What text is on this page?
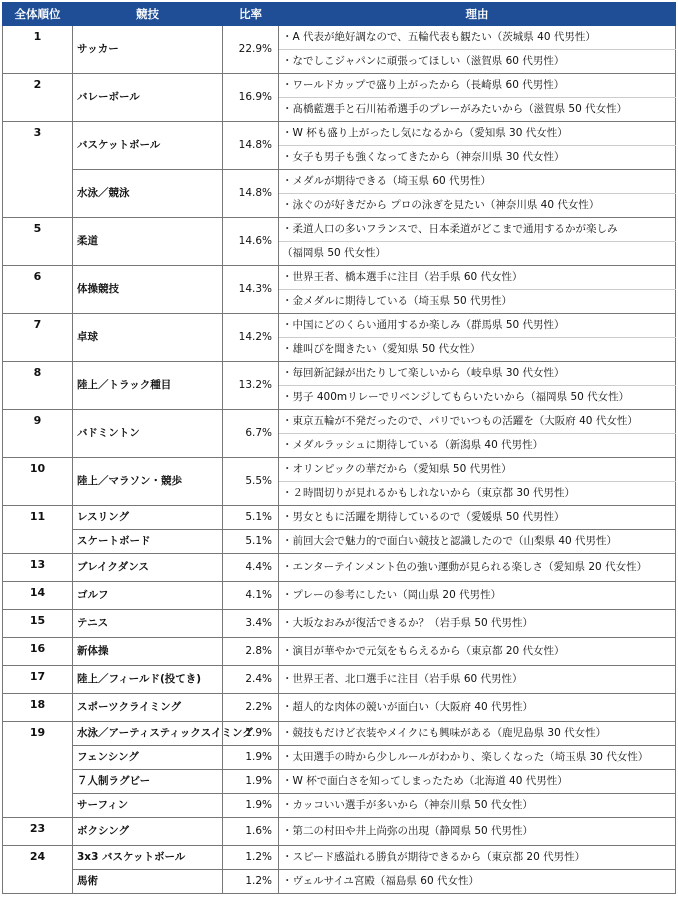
全体順位	競技	比率	理由
1	サッカー	22.9%	・A 代表が絶好調なので、五輪代表も観たい（茨城県 40 代男性）
			・なでしこジャパンに頑張ってほしい（滋賀県 60 代男性）
2	バレーボール	16.9%	・ワールドカップで盛り上がったから（長崎県 60 代男性）
			・髙橋藍選手と石川祐希選手のプレーがみたいから（滋賀県 50 代女性）
3	バスケットボール	14.8%	・W 杯も盛り上がったし気になるから（愛知県 30 代女性）
			・女子も男子も強くなってきたから（神奈川県 30 代女性）
	水泳／競泳	14.8%	・メダルが期待できる（埼玉県 60 代男性）
			・泳ぐのが好きだから プロの泳ぎを見たい（神奈川県 40 代女性）
5	柔道	14.6%	・柔道人口の多いフランスで、日本柔道がどこまで通用するかが楽しみ
			（福岡県 50 代女性）
6	体操競技	14.3%	・世界王者、橋本選手に注目（岩手県 60 代女性）
			・金メダルに期待している（埼玉県 50 代男性）
7	卓球	14.2%	・中国にどのくらい通用するか楽しみ（群馬県 50 代男性）
			・雄叫びを聞きたい（愛知県 50 代女性）
8	陸上／トラック種目	13.2%	・毎回新記録が出たりして楽しいから（岐阜県 30 代女性）
			・男子 400mリレーでリベンジしてもらいたいから（福岡県 50 代女性）
9	バドミントン	6.7%	・東京五輪が不発だったので、パリでいつもの活躍を（大阪府 40 代女性）
			・メダルラッシュに期待している（新潟県 40 代男性）
10	陸上／マラソン・競歩	5.5%	・オリンピックの華だから（愛知県 50 代男性）
			・２時間切りが見れるかもしれないから（東京都 30 代男性）
11	レスリング	5.1%	・男女ともに活躍を期待しているので（愛媛県 50 代男性）
	スケートボード	5.1%	・前回大会で魅力的で面白い競技と認識したので（山梨県 40 代男性）
13	ブレイクダンス	4.4%	・エンターテインメント色の強い運動が見られる楽しさ（愛知県 20 代女性）
14	ゴルフ	4.1%	・プレーの参考にしたい（岡山県 20 代男性）
15	テニス	3.4%	・大坂なおみが復活できるか？（岩手県 50 代男性）
16	新体操	2.8%	・演目が華やかで元気をもらえるから（東京都 20 代女性）
17	陸上／フィールド(投てき)	2.4%	・世界王者、北口選手に注目（岩手県 60 代男性）
18	スポーツクライミング	2.2%	・超人的な肉体の競いが面白い（大阪府 40 代男性）
19	水泳／アーティスティックスイミング	1.9%	・競技もだけど衣装やメイクにも興味がある（鹿児島県 30 代女性）
	フェンシング	1.9%	・太田選手の時から少しルールがわかり、楽しくなった（埼玉県 30 代女性）
	７人制ラグビー	1.9%	・W 杯で面白さを知ってしまったため（北海道 40 代男性）
	サーフィン	1.9%	・カッコいい選手が多いから（神奈川県 50 代女性）
23	ボクシング	1.6%	・第二の村田や井上尚弥の出現（静岡県 50 代男性）
24	3x3 バスケットボール	1.2%	・スピード感溢れる勝負が期待できるから（東京都 20 代男性）
	馬術	1.2%	・ヴェルサイユ宮殿（福島県 60 代女性）
